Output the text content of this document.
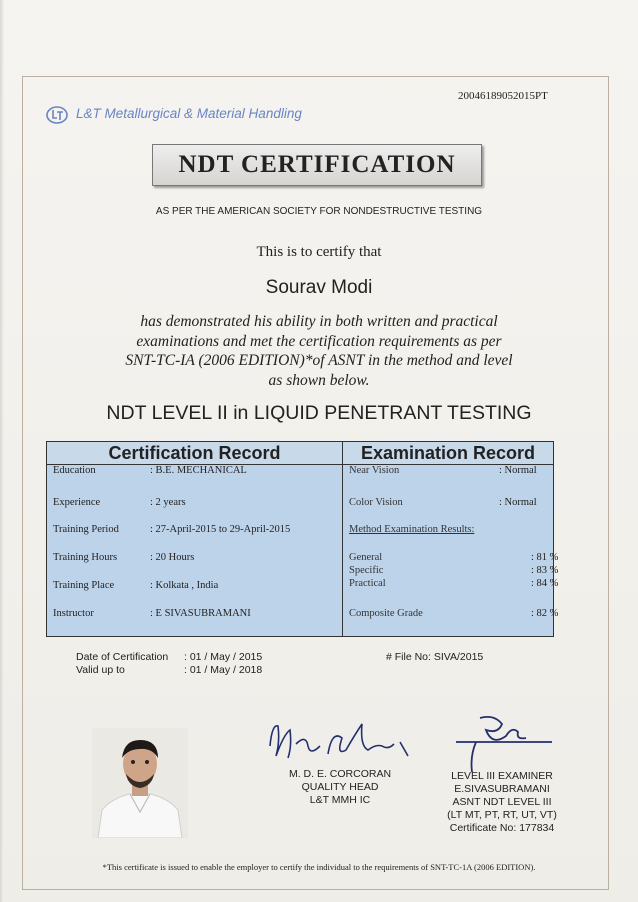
20046189052015PT
L&T Metallurgical & Material Handling
NDT CERTIFICATION
AS PER THE AMERICAN SOCIETY FOR NONDESTRUCTIVE TESTING
This is to certify that
Sourav Modi
has demonstrated his ability in both written and practical
examinations and met the certification requirements as per
SNT-TC-IA (2006 EDITION)*of ASNT in the method and level
as shown below.
NDT LEVEL II in LIQUID PENETRANT TESTING
Certification Record	Examination Record
Education	: B.E. MECHANICAL
Experience	: 2 years
Training Period	: 27-April-2015 to 29-April-2015
Training Hours	: 20 Hours
Training Place	: Kolkata , India
Instructor	: E SIVASUBRAMANI
Near Vision	: Normal
Color Vision	: Normal
Method Examination Results:
General	: 81 %
Specific	: 83 %
Practical	: 84 %
Composite Grade	: 82 %
Date of Certification : 01 / May / 2015
Valid up to	: 01 / May / 2018
# File No: SIVA/2015
M. D. E. CORCORAN
QUALITY HEAD
L&T MMH IC
LEVEL III EXAMINER
E.SIVASUBRAMANI
ASNT NDT LEVEL III
(LT MT, PT, RT, UT, VT)
Certificate No: 177834
*This certificate is issued to enable the employer to certify the individual to the requirements of SNT-TC-1A (2006 EDITION).
